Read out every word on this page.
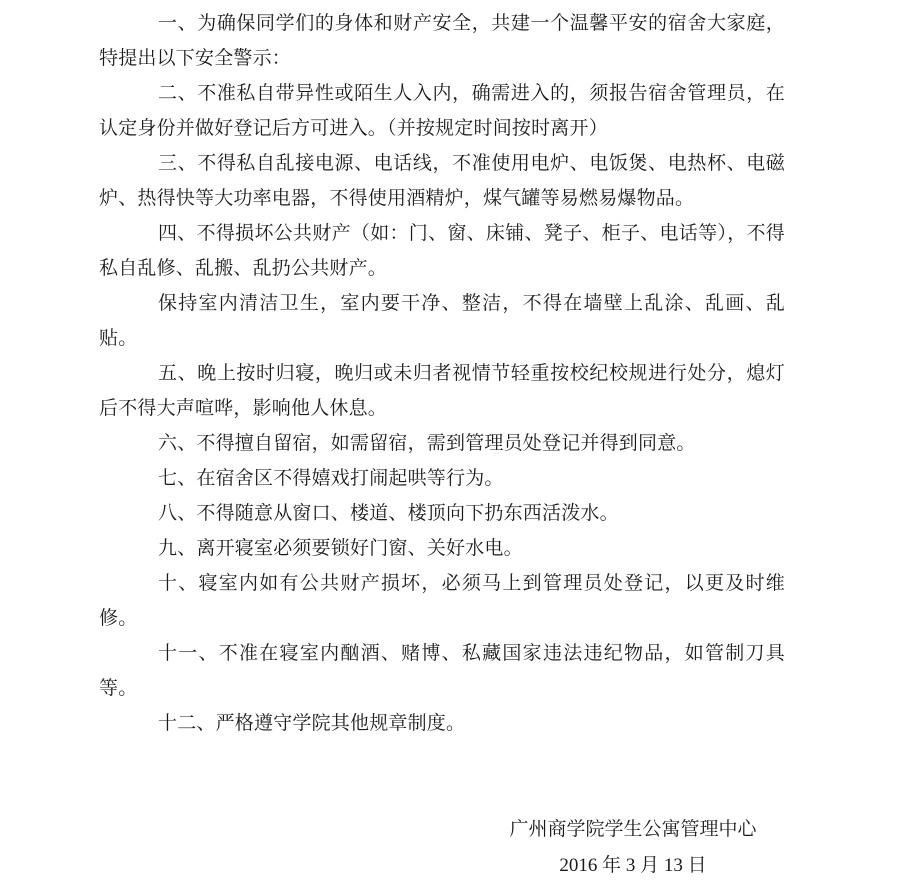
一、为确保同学们的身体和财产安全，共建一个温馨平安的宿舍大家庭，特提出以下安全警示：

二、不准私自带异性或陌生人入内，确需进入的，须报告宿舍管理员，在认定身份并做好登记后方可进入。（并按规定时间按时离开）

三、不得私自乱接电源、电话线，不准使用电炉、电饭煲、电热杯、电磁炉、热得快等大功率电器，不得使用酒精炉，煤气罐等易燃易爆物品。

四、不得损坏公共财产（如：门、窗、床铺、凳子、柜子、电话等），不得私自乱修、乱搬、乱扔公共财产。

保持室内清洁卫生，室内要干净、整洁，不得在墙壁上乱涂、乱画、乱贴。

五、晚上按时归寝，晚归或未归者视情节轻重按校纪校规进行处分，熄灯后不得大声喧哗，影响他人休息。

六、不得擅自留宿，如需留宿，需到管理员处登记并得到同意。

七、在宿舍区不得嬉戏打闹起哄等行为。

八、不得随意从窗口、楼道、楼顶向下扔东西活泼水。

九、离开寝室必须要锁好门窗、关好水电。

十、寝室内如有公共财产损坏，必须马上到管理员处登记，以更及时维修。

十一、不准在寝室内酗酒、赌博、私藏国家违法违纪物品，如管制刀具等。

十二、严格遵守学院其他规章制度。

广州商学院学生公寓管理中心
2016 年 3 月 13 日
